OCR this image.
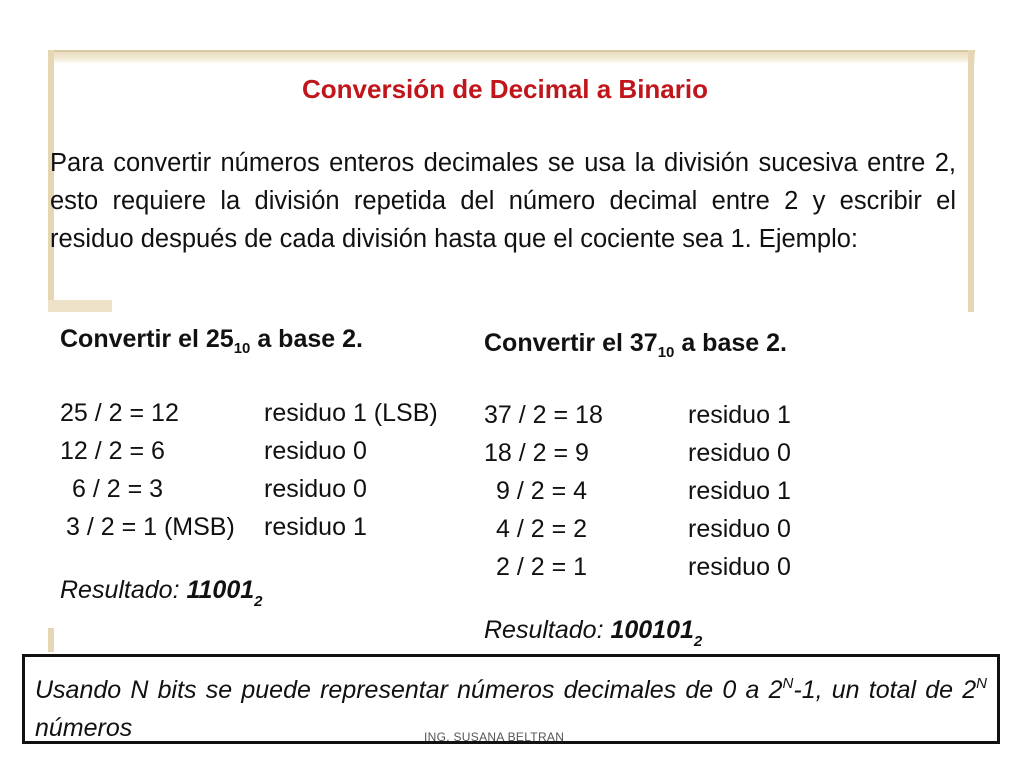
Conversión de Decimal a Binario

Para convertir números enteros decimales se usa la división sucesiva entre 2, esto requiere la división repetida del número decimal entre 2 y escribir el residuo después de cada división hasta que el cociente sea 1. Ejemplo:

Convertir el $25_{10}$ a base 2.
25 / 2 = 12	residuo 1 (LSB)
12 / 2 = 6	residuo 0
6 / 2 = 3	residuo 0
3 / 2 = 1 (MSB)	residuo 1
Resultado: $11001_2$
Convertir el $37_{10}$ a base 2.
37 / 2 = 18	residuo 1
18 / 2 = 9	residuo 0
9 / 2 = 4	residuo 1
4 / 2 = 2	residuo 0
2 / 2 = 1	residuo 0
Resultado: $100101_2$
Usando N bits se puede representar números decimales de 0 a $2^N-1$, un total de $2^N$ números	ING. SUSANA BELTRAN
